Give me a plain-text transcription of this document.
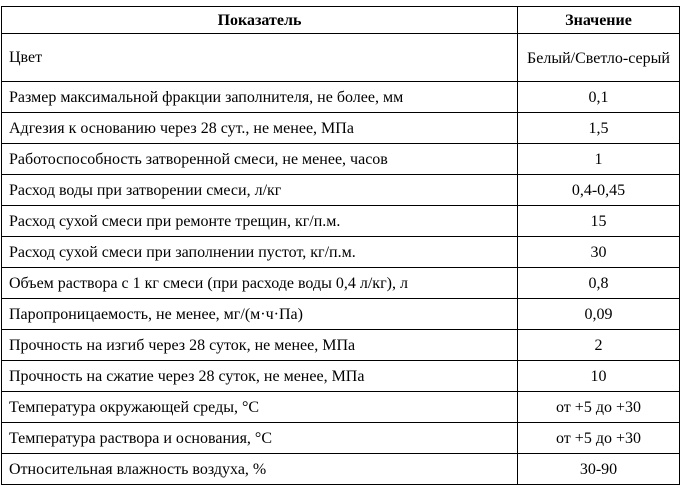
Показатель	Значение
Цвет	Белый/Светло-серый
Размер максимальной фракции заполнителя, не более, мм	0,1
Адгезия к основанию через 28 сут., не менее, МПа	1,5
Работоспособность затворенной смеси, не менее, часов	1
Расход воды при затворении смеси, л/кг	0,4-0,45
Расход сухой смеси при ремонте трещин, кг/п.м.	15
Расход сухой смеси при заполнении пустот, кг/п.м.	30
Объем раствора с 1 кг смеси (при расходе воды 0,4 л/кг), л	0,8
Паропроницаемость, не менее, мг/(м·ч·Па)	0,09
Прочность на изгиб через 28 суток, не менее, МПа	2
Прочность на сжатие через 28 суток, не менее, МПа	10
Температура окружающей среды, °С	от +5 до +30
Температура раствора и основания, °С	от +5 до +30
Относительная влажность воздуха, %	30-90
